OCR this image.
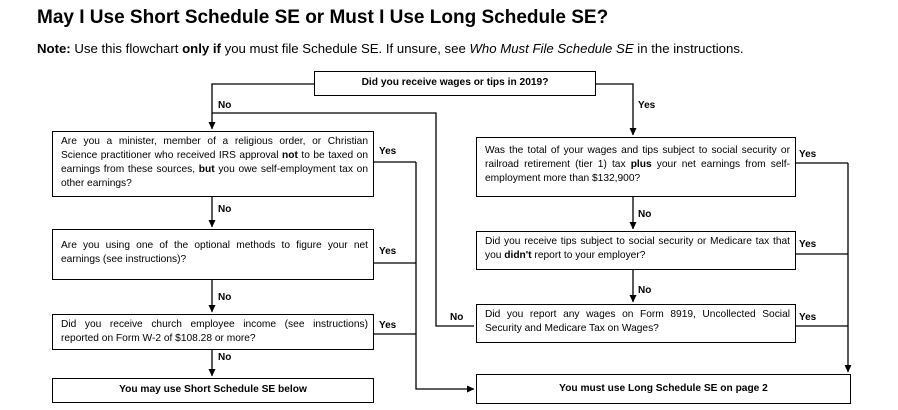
May I Use Short Schedule SE or Must I Use Long Schedule SE?
Note: Use this flowchart only if you must file Schedule SE. If unsure, see Who Must File Schedule SE in the instructions.
Did you receive wages or tips in 2019?
Are you a minister, member of a religious order, or Christian Science practitioner who received IRS approval not to be taxed on earnings from these sources, but you owe self-employment tax on other earnings?
Are you using one of the optional methods to figure your net earnings (see instructions)?
Did you receive church employee income (see instructions) reported on Form W-2 of $108.28 or more?
You may use Short Schedule SE below
Was the total of your wages and tips subject to social security or railroad retirement (tier 1) tax plus your net earnings from self-employment more than $132,900?
Did you receive tips subject to social security or Medicare tax that you didn't report to your employer?
Did you report any wages on Form 8919, Uncollected Social Security and Medicare Tax on Wages?
You must use Long Schedule SE on page 2
No	Yes
Yes
No
Yes
No
Yes
No
Yes
No
Yes
No
Yes
No
